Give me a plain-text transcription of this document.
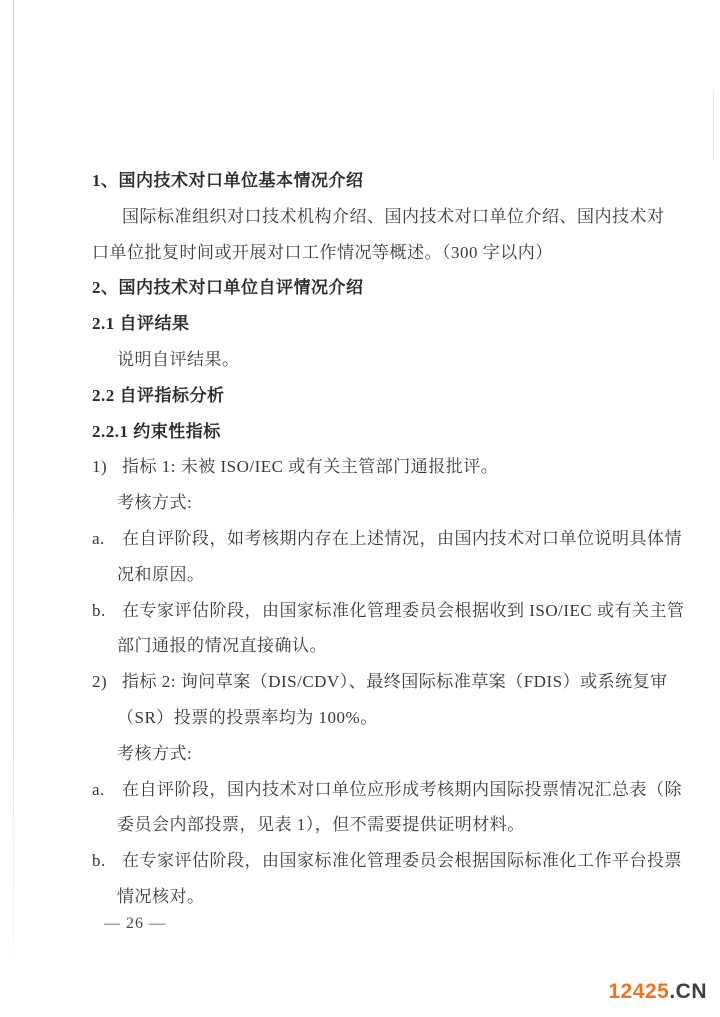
1、国内技术对口单位基本情况介绍

国际标准组织对口技术机构介绍、国内技术对口单位介绍、国内技术对

口单位批复时间或开展对口工作情况等概述。（300 字以内）

2、国内技术对口单位自评情况介绍

2.1 自评结果

说明自评结果。

2.2 自评指标分析

2.2.1 约束性指标

1) 指标 1: 未被 ISO/IEC 或有关主管部门通报批评。

考核方式:

a. 在自评阶段，如考核期内存在上述情况，由国内技术对口单位说明具体情

况和原因。

b. 在专家评估阶段，由国家标准化管理委员会根据收到 ISO/IEC 或有关主管

部门通报的情况直接确认。

2) 指标 2: 询问草案（DIS/CDV）、最终国际标准草案（FDIS）或系统复审

（SR）投票的投票率均为 100%。

考核方式:

a. 在自评阶段，国内技术对口单位应形成考核期内国际投票情况汇总表（除

委员会内部投票，见表 1），但不需要提供证明材料。

b. 在专家评估阶段，由国家标准化管理委员会根据国际标准化工作平台投票

情况核对。

— 26 —
12425.CN
